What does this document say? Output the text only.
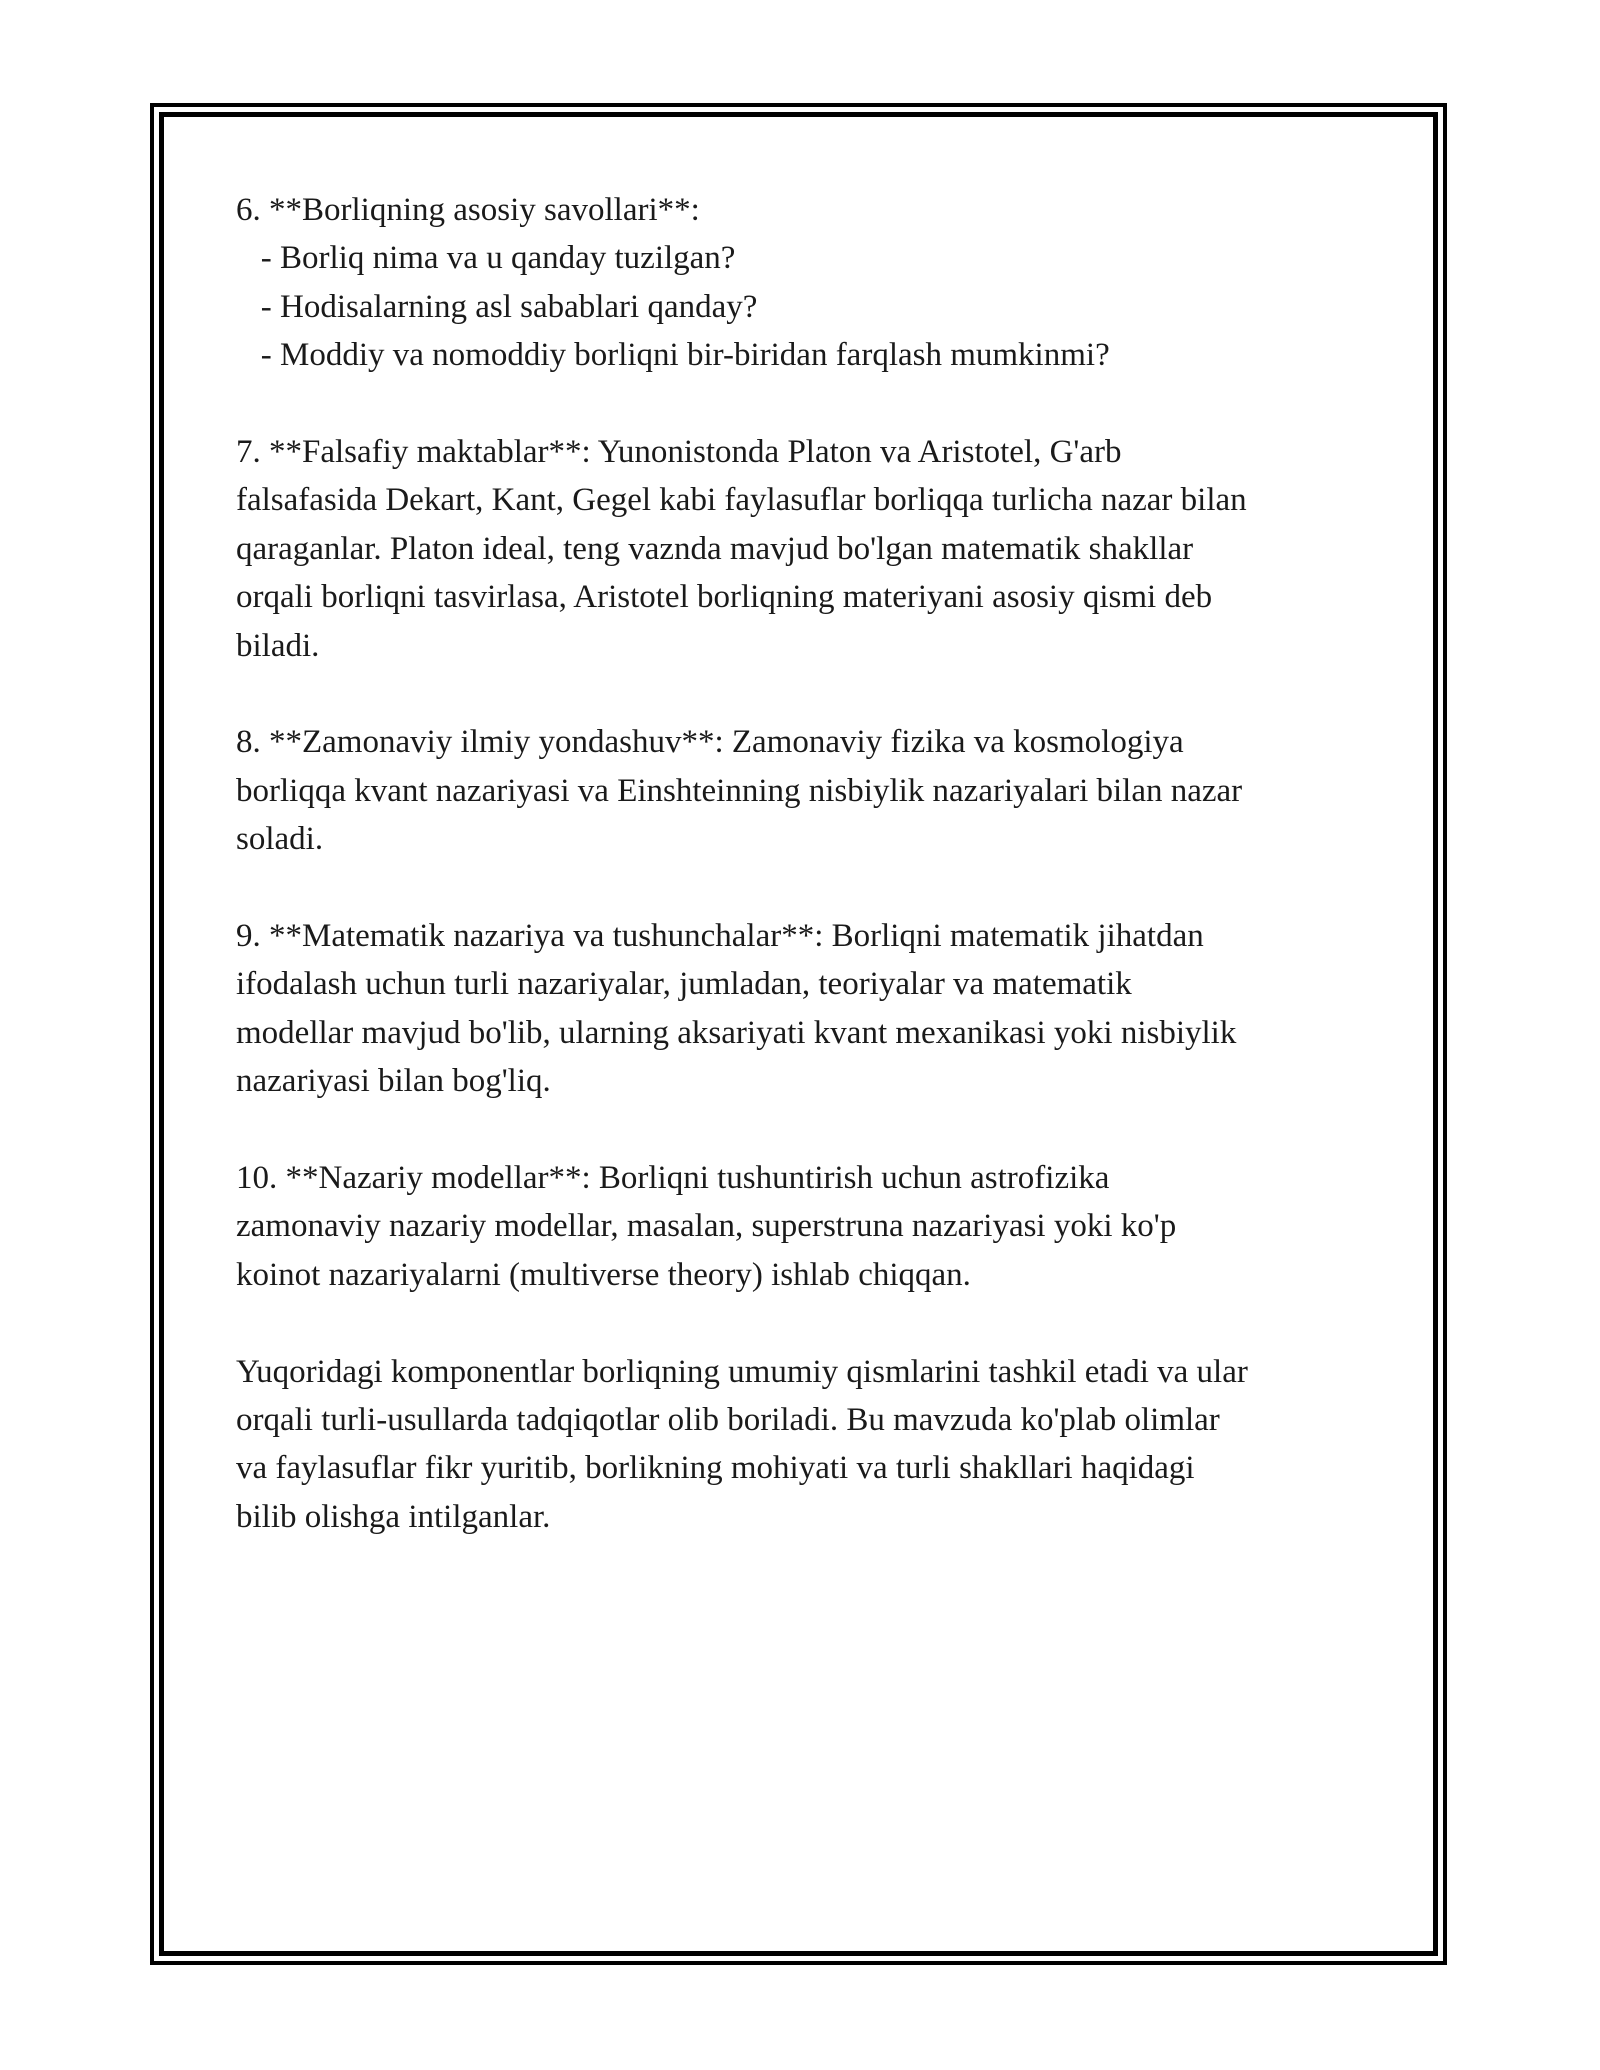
6. **Borliqning asosiy savollari**:

- Borliq nima va u qanday tuzilgan?

- Hodisalarning asl sabablari qanday?

- Moddiy va nomoddiy borliqni bir-biridan farqlash mumkinmi?

7. **Falsafiy maktablar**: Yunonistonda Platon va Aristotel, G'arb

falsafasida Dekart, Kant, Gegel kabi faylasuflar borliqqa turlicha nazar bilan

qaraganlar. Platon ideal, teng vaznda mavjud bo'lgan matematik shakllar

orqali borliqni tasvirlasa, Aristotel borliqning materiyani asosiy qismi deb

biladi.

8. **Zamonaviy ilmiy yondashuv**: Zamonaviy fizika va kosmologiya

borliqqa kvant nazariyasi va Einshteinning nisbiylik nazariyalari bilan nazar

soladi.

9. **Matematik nazariya va tushunchalar**: Borliqni matematik jihatdan

ifodalash uchun turli nazariyalar, jumladan, teoriyalar va matematik

modellar mavjud bo'lib, ularning aksariyati kvant mexanikasi yoki nisbiylik

nazariyasi bilan bog'liq.

10. **Nazariy modellar**: Borliqni tushuntirish uchun astrofizika

zamonaviy nazariy modellar, masalan, superstruna nazariyasi yoki ko'p

koinot nazariyalarni (multiverse theory) ishlab chiqqan.

Yuqoridagi komponentlar borliqning umumiy qismlarini tashkil etadi va ular

orqali turli-usullarda tadqiqotlar olib boriladi. Bu mavzuda ko'plab olimlar

va faylasuflar fikr yuritib, borlikning mohiyati va turli shakllari haqidagi

bilib olishga intilganlar.
